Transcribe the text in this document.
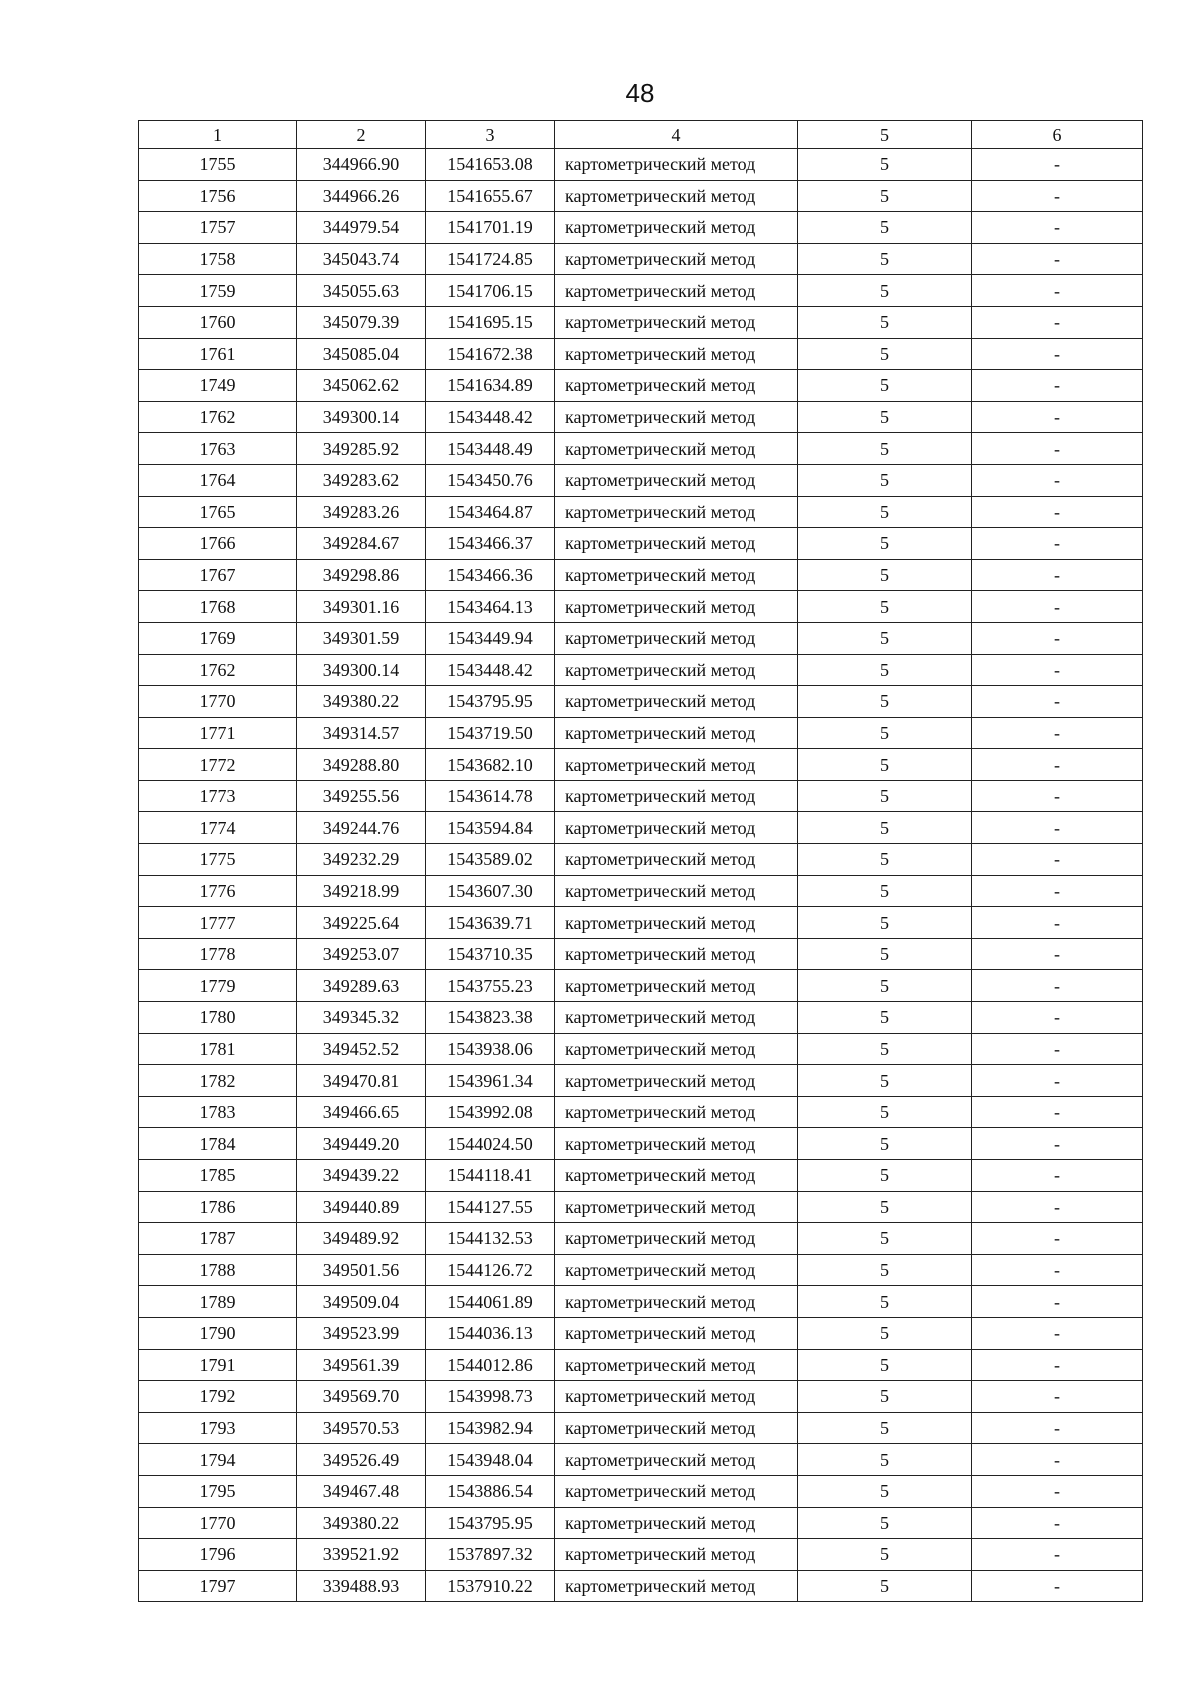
48
1	2	3	4	5	6
1755	344966.90	1541653.08	картометрический метод	5	-
1756	344966.26	1541655.67	картометрический метод	5	-
1757	344979.54	1541701.19	картометрический метод	5	-
1758	345043.74	1541724.85	картометрический метод	5	-
1759	345055.63	1541706.15	картометрический метод	5	-
1760	345079.39	1541695.15	картометрический метод	5	-
1761	345085.04	1541672.38	картометрический метод	5	-
1749	345062.62	1541634.89	картометрический метод	5	-
1762	349300.14	1543448.42	картометрический метод	5	-
1763	349285.92	1543448.49	картометрический метод	5	-
1764	349283.62	1543450.76	картометрический метод	5	-
1765	349283.26	1543464.87	картометрический метод	5	-
1766	349284.67	1543466.37	картометрический метод	5	-
1767	349298.86	1543466.36	картометрический метод	5	-
1768	349301.16	1543464.13	картометрический метод	5	-
1769	349301.59	1543449.94	картометрический метод	5	-
1762	349300.14	1543448.42	картометрический метод	5	-
1770	349380.22	1543795.95	картометрический метод	5	-
1771	349314.57	1543719.50	картометрический метод	5	-
1772	349288.80	1543682.10	картометрический метод	5	-
1773	349255.56	1543614.78	картометрический метод	5	-
1774	349244.76	1543594.84	картометрический метод	5	-
1775	349232.29	1543589.02	картометрический метод	5	-
1776	349218.99	1543607.30	картометрический метод	5	-
1777	349225.64	1543639.71	картометрический метод	5	-
1778	349253.07	1543710.35	картометрический метод	5	-
1779	349289.63	1543755.23	картометрический метод	5	-
1780	349345.32	1543823.38	картометрический метод	5	-
1781	349452.52	1543938.06	картометрический метод	5	-
1782	349470.81	1543961.34	картометрический метод	5	-
1783	349466.65	1543992.08	картометрический метод	5	-
1784	349449.20	1544024.50	картометрический метод	5	-
1785	349439.22	1544118.41	картометрический метод	5	-
1786	349440.89	1544127.55	картометрический метод	5	-
1787	349489.92	1544132.53	картометрический метод	5	-
1788	349501.56	1544126.72	картометрический метод	5	-
1789	349509.04	1544061.89	картометрический метод	5	-
1790	349523.99	1544036.13	картометрический метод	5	-
1791	349561.39	1544012.86	картометрический метод	5	-
1792	349569.70	1543998.73	картометрический метод	5	-
1793	349570.53	1543982.94	картометрический метод	5	-
1794	349526.49	1543948.04	картометрический метод	5	-
1795	349467.48	1543886.54	картометрический метод	5	-
1770	349380.22	1543795.95	картометрический метод	5	-
1796	339521.92	1537897.32	картометрический метод	5	-
1797	339488.93	1537910.22	картометрический метод	5	-
